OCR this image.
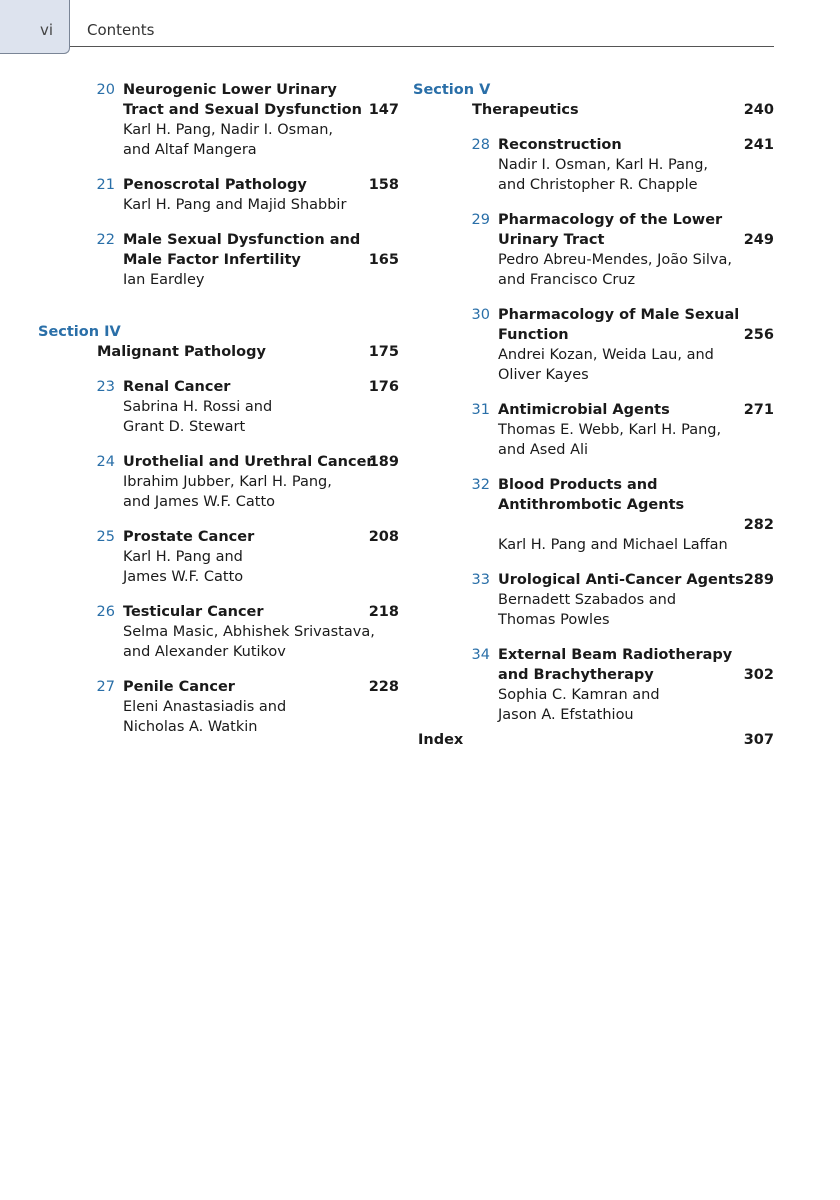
vi Contents
20 Neurogenic Lower Urinary
Tract and Sexual Dysfunction 147
Karl H. Pang, Nadir I. Osman,
and Altaf Mangera
21 Penoscrotal Pathology	158
Karl H. Pang and Majid Shabbir
22 Male Sexual Dysfunction and
Male Factor Infertility	165
Ian Eardley
Section IV
Malignant Pathology	175
23 Renal Cancer	176
Sabrina H. Rossi and
Grant D. Stewart
24 Urothelial and Urethral Cancer
189
Ibrahim Jubber, Karl H. Pang,
and James W.F. Catto
25 Prostate Cancer	208
Karl H. Pang and
James W.F. Catto
26 Testicular Cancer	218
Selma Masic, Abhishek Srivastava,
and Alexander Kutikov
27 Penile Cancer	228
Eleni Anastasiadis and
Nicholas A. Watkin
Section V
Therapeutics	240
28 Reconstruction	241
Nadir I. Osman, Karl H. Pang,
and Christopher R. Chapple
29 Pharmacology of the Lower
Urinary Tract	249
Pedro Abreu-Mendes, João Silva,
and Francisco Cruz
30 Pharmacology of Male Sexual
Function	256
Andrei Kozan, Weida Lau, and
Oliver Kayes
31 Antimicrobial Agents	271
Thomas E. Webb, Karl H. Pang,
and Ased Ali
32 Blood Products and
Antithrombotic Agents
282
Karl H. Pang and Michael Laffan
33 Urological Anti-Cancer Agents 289
Bernadett Szabados and
Thomas Powles
34 External Beam Radiotherapy
and Brachytherapy	302
Sophia C. Kamran and
Jason A. Efstathiou
Index	307
